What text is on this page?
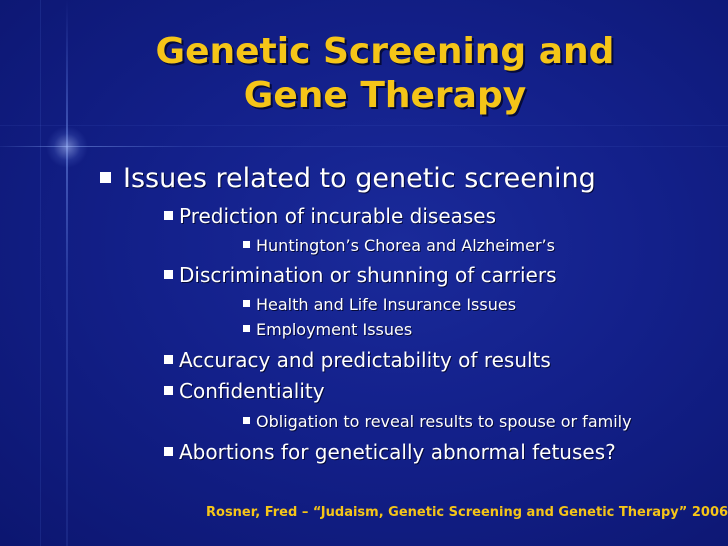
Genetic Screening and
Gene Therapy
Issues related to genetic screening
Prediction of incurable diseases
Huntington’s Chorea and Alzheimer’s
Discrimination or shunning of carriers
Health and Life Insurance Issues
Employment Issues
Accuracy and predictability of results
Confidentiality
Obligation to reveal results to spouse or family
Abortions for genetically abnormal fetuses?
Rosner, Fred – “Judaism, Genetic Screening and Genetic Therapy” 2006
